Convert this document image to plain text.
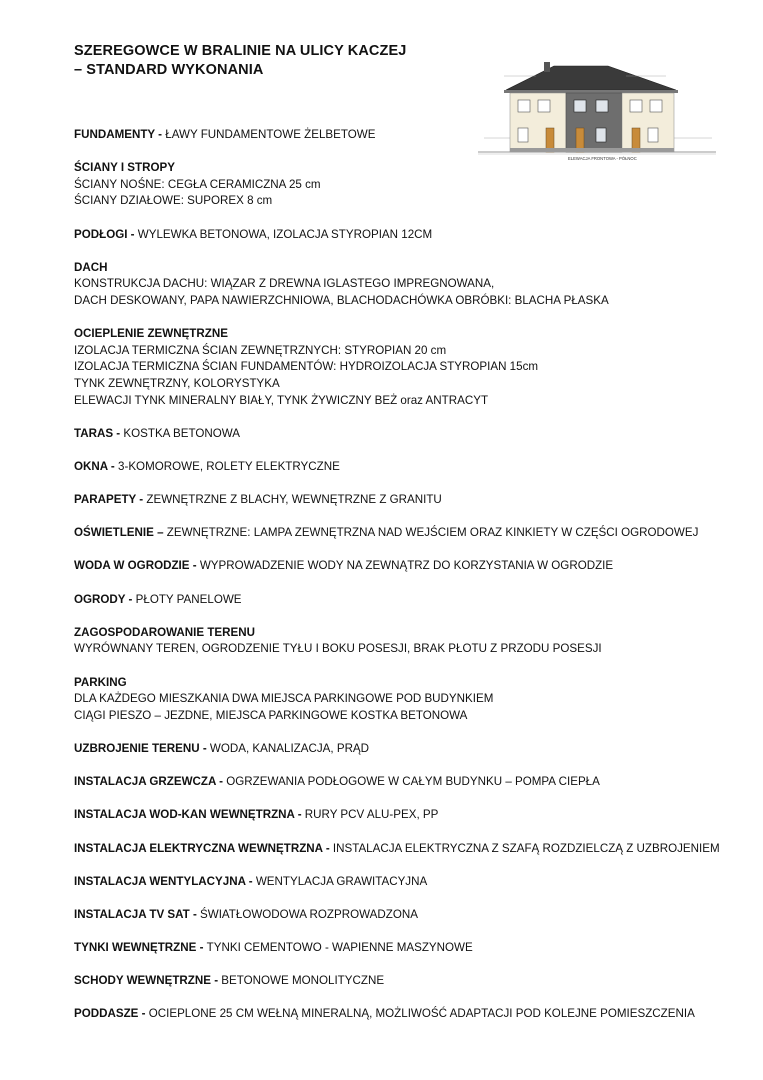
SZEREGOWCE W BRALINIE NA ULICY KACZEJ
– STANDARD WYKONANIA
ELEWACJA FRONTOWA - PÓŁNOC
FUNDAMENTY - ŁAWY FUNDAMENTOWE ŻELBETOWE
ŚCIANY I STROPY
ŚCIANY NOŚNE: CEGŁA CERAMICZNA 25 cm
ŚCIANY DZIAŁOWE: SUPOREX 8 cm
PODŁOGI - WYLEWKA BETONOWA, IZOLACJA STYROPIAN 12CM
DACH
KONSTRUKCJA DACHU: WIĄZAR Z DREWNA IGLASTEGO IMPREGNOWANA,
DACH DESKOWANY, PAPA NAWIERZCHNIOWA, BLACHODACHÓWKA OBRÓBKI: BLACHA PŁASKA
OCIEPLENIE ZEWNĘTRZNE
IZOLACJA TERMICZNA ŚCIAN ZEWNĘTRZNYCH: STYROPIAN 20 cm
IZOLACJA TERMICZNA ŚCIAN FUNDAMENTÓW: HYDROIZOLACJA STYROPIAN 15cm
TYNK ZEWNĘTRZNY, KOLORYSTYKA
ELEWACJI TYNK MINERALNY BIAŁY, TYNK ŻYWICZNY BEŻ oraz ANTRACYT
TARAS - KOSTKA BETONOWA
OKNA - 3-KOMOROWE, ROLETY ELEKTRYCZNE
PARAPETY - ZEWNĘTRZNE Z BLACHY, WEWNĘTRZNE Z GRANITU
OŚWIETLENIE – ZEWNĘTRZNE: LAMPA ZEWNĘTRZNA NAD WEJŚCIEM ORAZ KINKIETY W CZĘŚCI OGRODOWEJ
WODA W OGRODZIE - WYPROWADZENIE WODY NA ZEWNĄTRZ DO KORZYSTANIA W OGRODZIE
OGRODY - PŁOTY PANELOWE
ZAGOSPODAROWANIE TERENU
WYRÓWNANY TEREN, OGRODZENIE TYŁU I BOKU POSESJI, BRAK PŁOTU Z PRZODU POSESJI
PARKING
DLA KAŻDEGO MIESZKANIA DWA MIEJSCA PARKINGOWE POD BUDYNKIEM
CIĄGI PIESZO – JEZDNE, MIEJSCA PARKINGOWE KOSTKA BETONOWA
UZBROJENIE TERENU - WODA, KANALIZACJA, PRĄD
INSTALACJA GRZEWCZA - OGRZEWANIA PODŁOGOWE W CAŁYM BUDYNKU – POMPA CIEPŁA
INSTALACJA WOD-KAN WEWNĘTRZNA - RURY PCV ALU-PEX, PP
INSTALACJA ELEKTRYCZNA WEWNĘTRZNA - INSTALACJA ELEKTRYCZNA Z SZAFĄ ROZDZIELCZĄ Z UZBROJENIEM
INSTALACJA WENTYLACYJNA - WENTYLACJA GRAWITACYJNA
INSTALACJA TV SAT - ŚWIATŁOWODOWA ROZPROWADZONA
TYNKI WEWNĘTRZNE - TYNKI CEMENTOWO - WAPIENNE MASZYNOWE
SCHODY WEWNĘTRZNE - BETONOWE MONOLITYCZNE
PODDASZE - OCIEPLONE 25 CM WEŁNĄ MINERALNĄ, MOŻLIWOŚĆ ADAPTACJI POD KOLEJNE POMIESZCZENIA
